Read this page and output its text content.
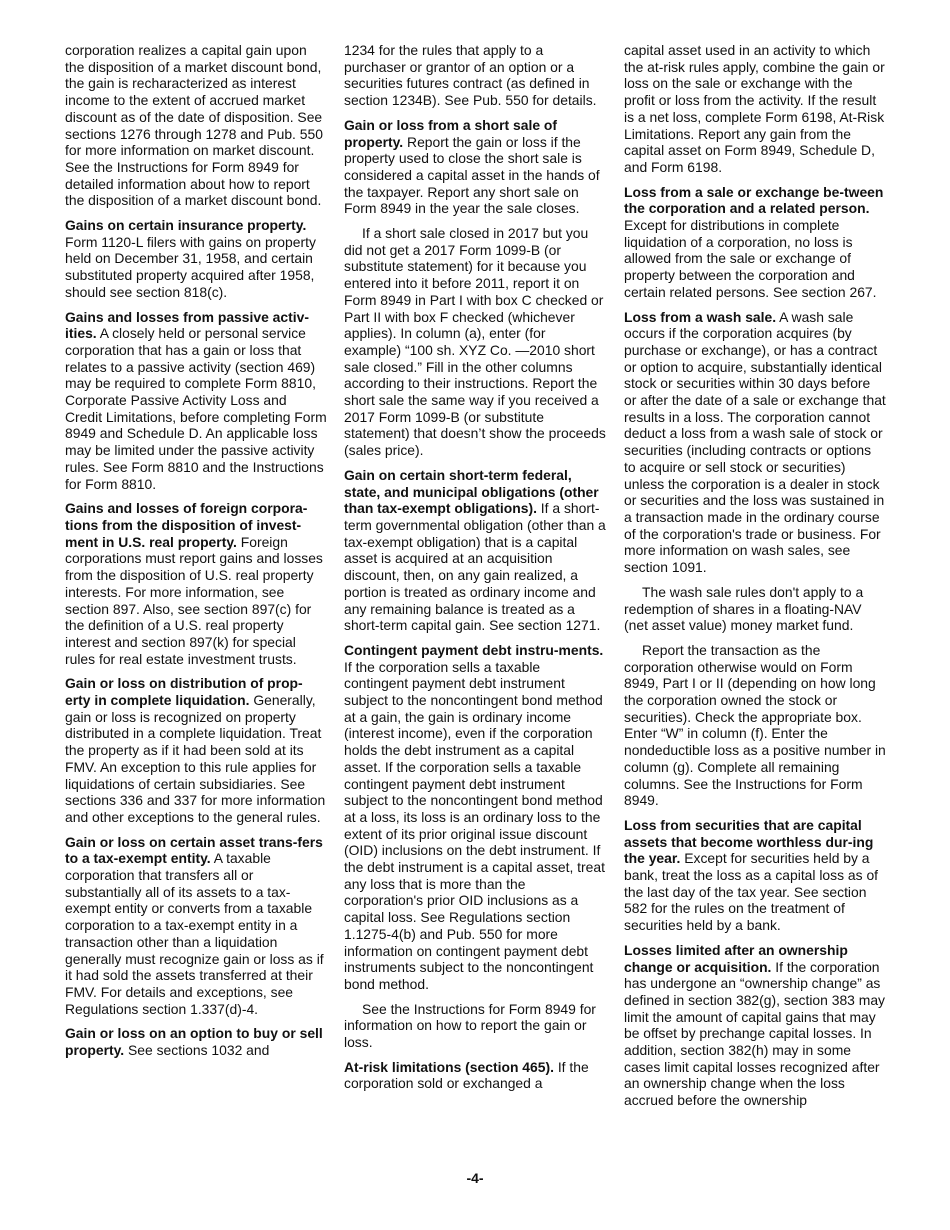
corporation realizes a capital gain upon the disposition of a market discount bond, the gain is recharacterized as interest income to the extent of accrued market discount as of the date of disposition. See sections 1276 through 1278 and Pub. 550 for more information on market discount. See the Instructions for Form 8949 for detailed information about how to report the disposition of a market discount bond.

Gains on certain insurance property. Form 1120-L filers with gains on property held on December 31, 1958, and certain substituted property acquired after 1958, should see section 818(c).

Gains and losses from passive activ-ities. A closely held or personal service corporation that has a gain or loss that relates to a passive activity (section 469) may be required to complete Form 8810, Corporate Passive Activity Loss and Credit Limitations, before completing Form 8949 and Schedule D. An applicable loss may be limited under the passive activity rules. See Form 8810 and the Instructions for Form 8810.

Gains and losses of foreign corpora-tions from the disposition of invest-ment in U.S. real property. Foreign corporations must report gains and losses from the disposition of U.S. real property interests. For more information, see section 897. Also, see section 897(c) for the definition of a U.S. real property interest and section 897(k) for special rules for real estate investment trusts.

Gain or loss on distribution of prop-erty in complete liquidation. Generally, gain or loss is recognized on property distributed in a complete liquidation. Treat the property as if it had been sold at its FMV. An exception to this rule applies for liquidations of certain subsidiaries. See sections 336 and 337 for more information and other exceptions to the general rules.

Gain or loss on certain asset trans-fers to a tax-exempt entity. A taxable corporation that transfers all or substantially all of its assets to a tax-exempt entity or converts from a taxable corporation to a tax-exempt entity in a transaction other than a liquidation generally must recognize gain or loss as if it had sold the assets transferred at their FMV. For details and exceptions, see Regulations section 1.337(d)-4.

Gain or loss on an option to buy or sell property. See sections 1032 and

1234 for the rules that apply to a purchaser or grantor of an option or a securities futures contract (as defined in section 1234B). See Pub. 550 for details.

Gain or loss from a short sale of property. Report the gain or loss if the property used to close the short sale is considered a capital asset in the hands of the taxpayer. Report any short sale on Form 8949 in the year the sale closes.

If a short sale closed in 2017 but you did not get a 2017 Form 1099-B (or substitute statement) for it because you entered into it before 2011, report it on Form 8949 in Part I with box C checked or Part II with box F checked (whichever applies). In column (a), enter (for example) “100 sh. XYZ Co. —2010 short sale closed.” Fill in the other columns according to their instructions. Report the short sale the same way if you received a 2017 Form 1099-B (or substitute statement) that doesn’t show the proceeds (sales price).

Gain on certain short-term federal, state, and municipal obligations (other than tax-exempt obligations). If a short-term governmental obligation (other than a tax-exempt obligation) that is a capital asset is acquired at an acquisition discount, then, on any gain realized, a portion is treated as ordinary income and any remaining balance is treated as a short-term capital gain. See section 1271.

Contingent payment debt instru-ments. If the corporation sells a taxable contingent payment debt instrument subject to the noncontingent bond method at a gain, the gain is ordinary income (interest income), even if the corporation holds the debt instrument as a capital asset. If the corporation sells a taxable contingent payment debt instrument subject to the noncontingent bond method at a loss, its loss is an ordinary loss to the extent of its prior original issue discount (OID) inclusions on the debt instrument. If the debt instrument is a capital asset, treat any loss that is more than the corporation's prior OID inclusions as a capital loss. See Regulations section 1.1275-4(b) and Pub. 550 for more information on contingent payment debt instruments subject to the noncontingent bond method.

See the Instructions for Form 8949 for information on how to report the gain or loss.

At-risk limitations (section 465). If the corporation sold or exchanged a

capital asset used in an activity to which the at-risk rules apply, combine the gain or loss on the sale or exchange with the profit or loss from the activity. If the result is a net loss, complete Form 6198, At-Risk Limitations. Report any gain from the capital asset on Form 8949, Schedule D, and Form 6198.

Loss from a sale or exchange be-tween the corporation and a related person. Except for distributions in complete liquidation of a corporation, no loss is allowed from the sale or exchange of property between the corporation and certain related persons. See section 267.

Loss from a wash sale. A wash sale occurs if the corporation acquires (by purchase or exchange), or has a contract or option to acquire, substantially identical stock or securities within 30 days before or after the date of a sale or exchange that results in a loss. The corporation cannot deduct a loss from a wash sale of stock or securities (including contracts or options to acquire or sell stock or securities) unless the corporation is a dealer in stock or securities and the loss was sustained in a transaction made in the ordinary course of the corporation's trade or business. For more information on wash sales, see section 1091.

The wash sale rules don't apply to a redemption of shares in a floating-NAV (net asset value) money market fund.

Report the transaction as the corporation otherwise would on Form 8949, Part I or II (depending on how long the corporation owned the stock or securities). Check the appropriate box. Enter “W” in column (f). Enter the nondeductible loss as a positive number in column (g). Complete all remaining columns. See the Instructions for Form 8949.

Loss from securities that are capital assets that become worthless dur-ing the year. Except for securities held by a bank, treat the loss as a capital loss as of the last day of the tax year. See section 582 for the rules on the treatment of securities held by a bank.

Losses limited after an ownership change or acquisition. If the corporation has undergone an “ownership change” as defined in section 382(g), section 383 may limit the amount of capital gains that may be offset by prechange capital losses. In addition, section 382(h) may in some cases limit capital losses recognized after an ownership change when the loss accrued before the ownership

-4-
